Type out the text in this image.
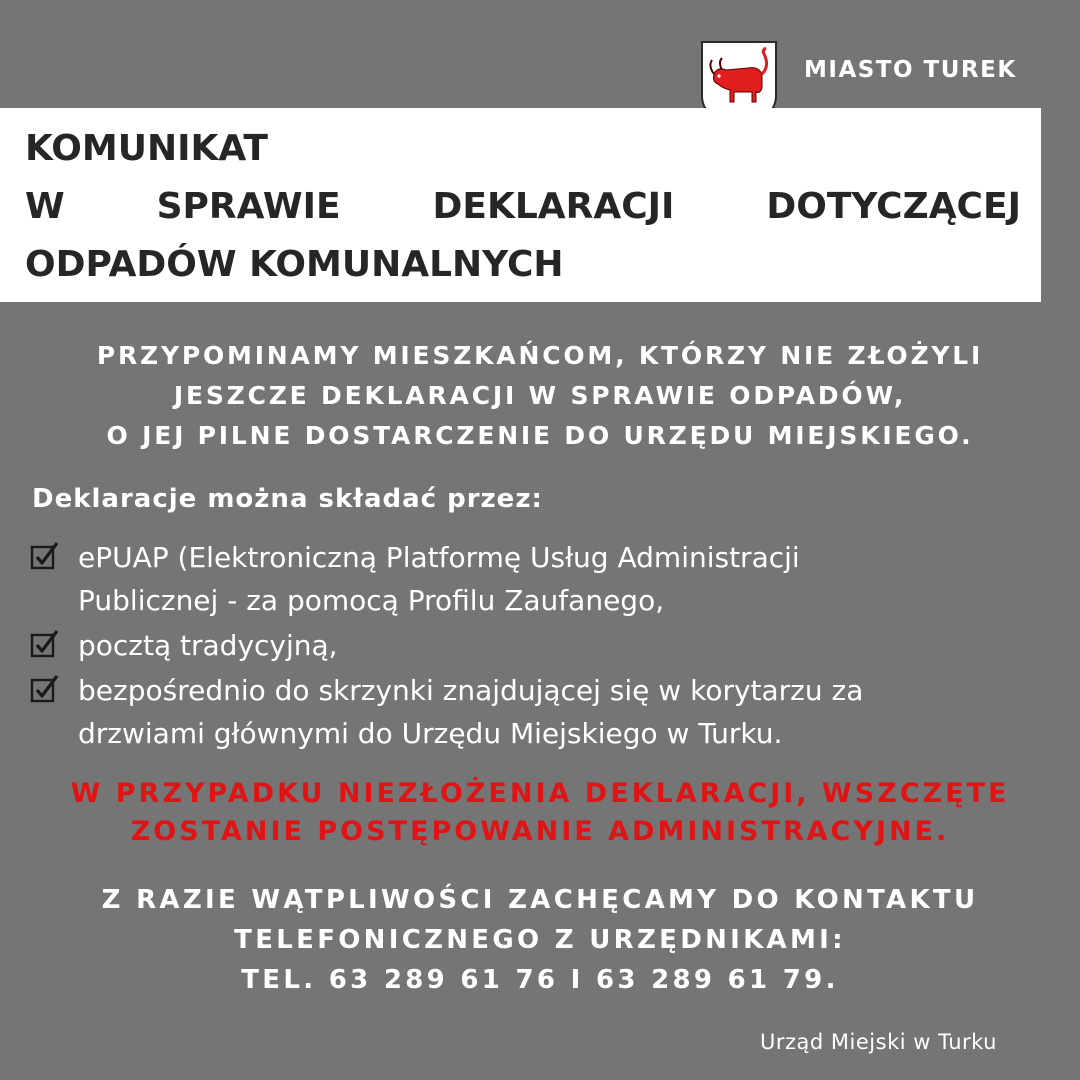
MIASTO TUREK
KOMUNIKAT
W	SPRAWIE	DEKLARACJI	DOTYCZĄCEJ
ODPADÓW KOMUNALNYCH
PRZYPOMINAMY MIESZKAŃCOM, KTÓRZY NIE ZŁOŻYLI
JESZCZE DEKLARACJI W SPRAWIE ODPADÓW,
O JEJ PILNE DOSTARCZENIE DO URZĘDU MIEJSKIEGO.
Deklaracje można składać przez:
ePUAP (Elektroniczną Platformę Usług Administracji
Publicznej - za pomocą Profilu Zaufanego,
pocztą tradycyjną,
bezpośrednio do skrzynki znajdującej się w korytarzu za
drzwiami głównymi do Urzędu Miejskiego w Turku.
W PRZYPADKU NIEZŁOŻENIA DEKLARACJI, WSZCZĘTE
ZOSTANIE POSTĘPOWANIE ADMINISTRACYJNE.
Z RAZIE WĄTPLIWOŚCI ZACHĘCAMY DO KONTAKTU
TELEFONICZNEGO Z URZĘDNIKAMI:
TEL. 63 289 61 76 I 63 289 61 79.
Urząd Miejski w Turku
